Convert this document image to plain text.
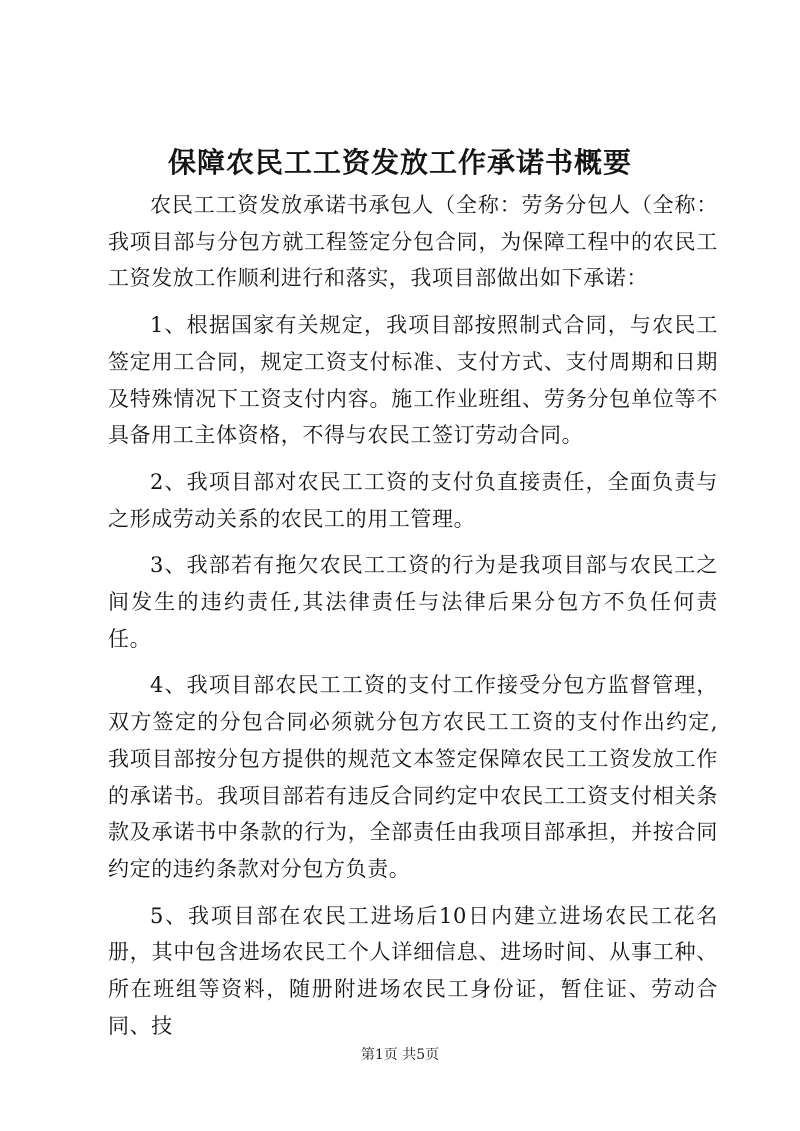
保障农民工工资发放工作承诺书概要

农民工工资发放承诺书承包人（全称：劳务分包人（全称：我项目部与分包方就工程签定分包合同，为保障工程中的农民工工资发放工作顺利进行和落实，我项目部做出如下承诺：

1、根据国家有关规定，我项目部按照制式合同，与农民工签定用工合同，规定工资支付标准、支付方式、支付周期和日期及特殊情况下工资支付内容。施工作业班组、劳务分包单位等不具备用工主体资格，不得与农民工签订劳动合同。

2、我项目部对农民工工资的支付负直接责任，全面负责与之形成劳动关系的农民工的用工管理。

3、我部若有拖欠农民工工资的行为是我项目部与农民工之间发生的违约责任,其法律责任与法律后果分包方不负任何责任。

4、我项目部农民工工资的支付工作接受分包方监督管理，双方签定的分包合同必须就分包方农民工工资的支付作出约定,我项目部按分包方提供的规范文本签定保障农民工工资发放工作的承诺书。我项目部若有违反合同约定中农民工工资支付相关条款及承诺书中条款的行为，全部责任由我项目部承担，并按合同约定的违约条款对分包方负责。

5、我项目部在农民工进场后10日内建立进场农民工花名册，其中包含进场农民工个人详细信息、进场时间、从事工种、所在班组等资料，随册附进场农民工身份证，暂住证、劳动合同、技

第1页 共5页
